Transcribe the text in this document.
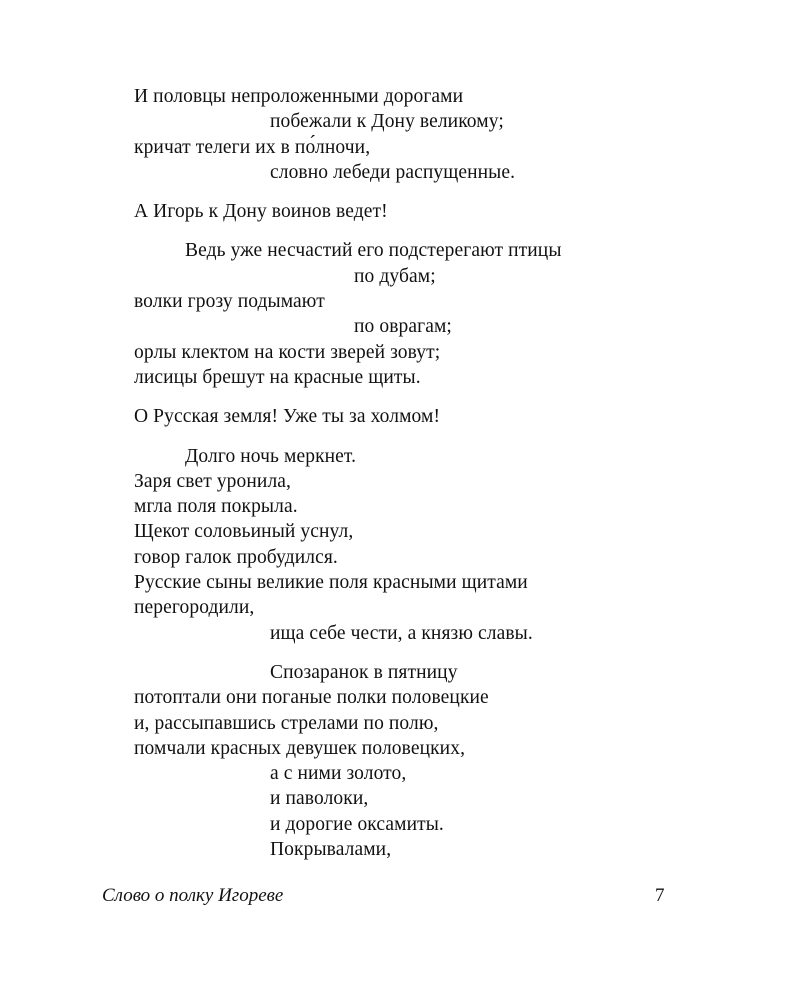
И половцы непроложенными дорогами
побежали к Дону великому;
кричат телеги их в по́лночи,
словно лебеди распущенные.
А Игорь к Дону воинов ведет!
Ведь уже несчастий его подстерегают птицы
по дубам;
волки грозу подымают
по оврагам;
орлы клектом на кости зверей зовут;
лисицы брешут на красные щиты.
О Русская земля! Уже ты за холмом!
Долго ночь меркнет.
Заря свет уронила,
мгла поля покрыла.
Щекот соловьиный уснул,
говор галок пробудился.
Русские сыны великие поля красными щитами
перегородили,
ища себе чести, а князю славы.
Спозаранок в пятницу
потоптали они поганые полки половецкие
и, рассыпавшись стрелами по полю,
помчали красных девушек половецких,
а с ними золото,
и паволоки,
и дорогие оксамиты.
Покрывалами,
Слово о полку Игореве	7
